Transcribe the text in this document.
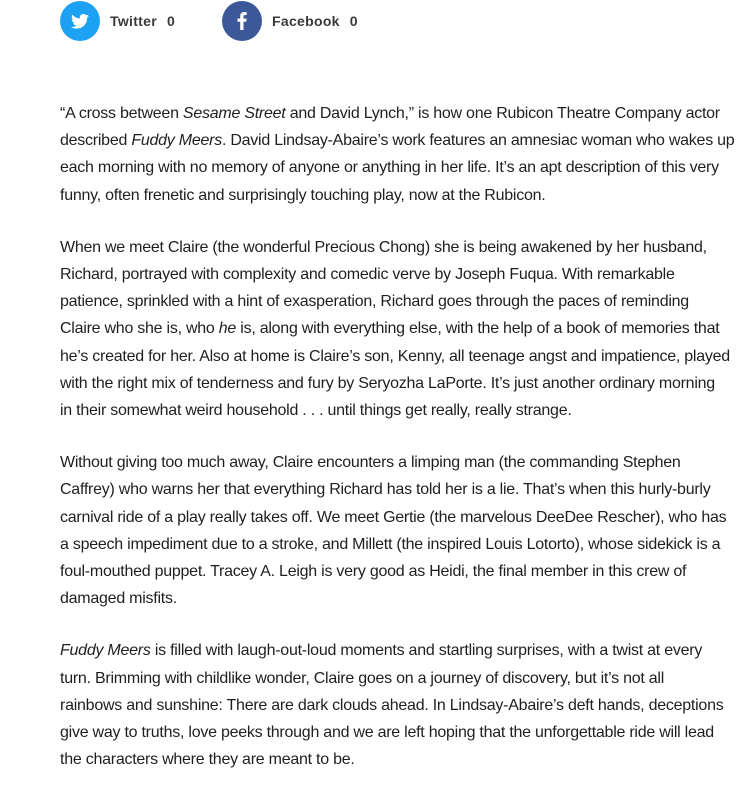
Twitter 0	Facebook 0

“A cross between Sesame Street and David Lynch,” is how one Rubicon Theatre Company actor
described Fuddy Meers. David Lindsay-Abaire’s work features an amnesiac woman who wakes up
each morning with no memory of anyone or anything in her life. It’s an apt description of this very
funny, often frenetic and surprisingly touching play, now at the Rubicon.

When we meet Claire (the wonderful Precious Chong) she is being awakened by her husband,
Richard, portrayed with complexity and comedic verve by Joseph Fuqua. With remarkable
patience, sprinkled with a hint of exasperation, Richard goes through the paces of reminding
Claire who she is, who he is, along with everything else, with the help of a book of memories that
he’s created for her. Also at home is Claire’s son, Kenny, all teenage angst and impatience, played
with the right mix of tenderness and fury by Seryozha LaPorte. It’s just another ordinary morning
in their somewhat weird household . . . until things get really, really strange.

Without giving too much away, Claire encounters a limping man (the commanding Stephen
Caffrey) who warns her that everything Richard has told her is a lie. That’s when this hurly-burly
carnival ride of a play really takes off. We meet Gertie (the marvelous DeeDee Rescher), who has
a speech impediment due to a stroke, and Millett (the inspired Louis Lotorto), whose sidekick is a
foul-mouthed puppet. Tracey A. Leigh is very good as Heidi, the final member in this crew of
damaged misfits.

Fuddy Meers is filled with laugh-out-loud moments and startling surprises, with a twist at every
turn. Brimming with childlike wonder, Claire goes on a journey of discovery, but it’s not all
rainbows and sunshine: There are dark clouds ahead. In Lindsay-Abaire’s deft hands, deceptions
give way to truths, love peeks through and we are left hoping that the unforgettable ride will lead
the characters where they are meant to be.
